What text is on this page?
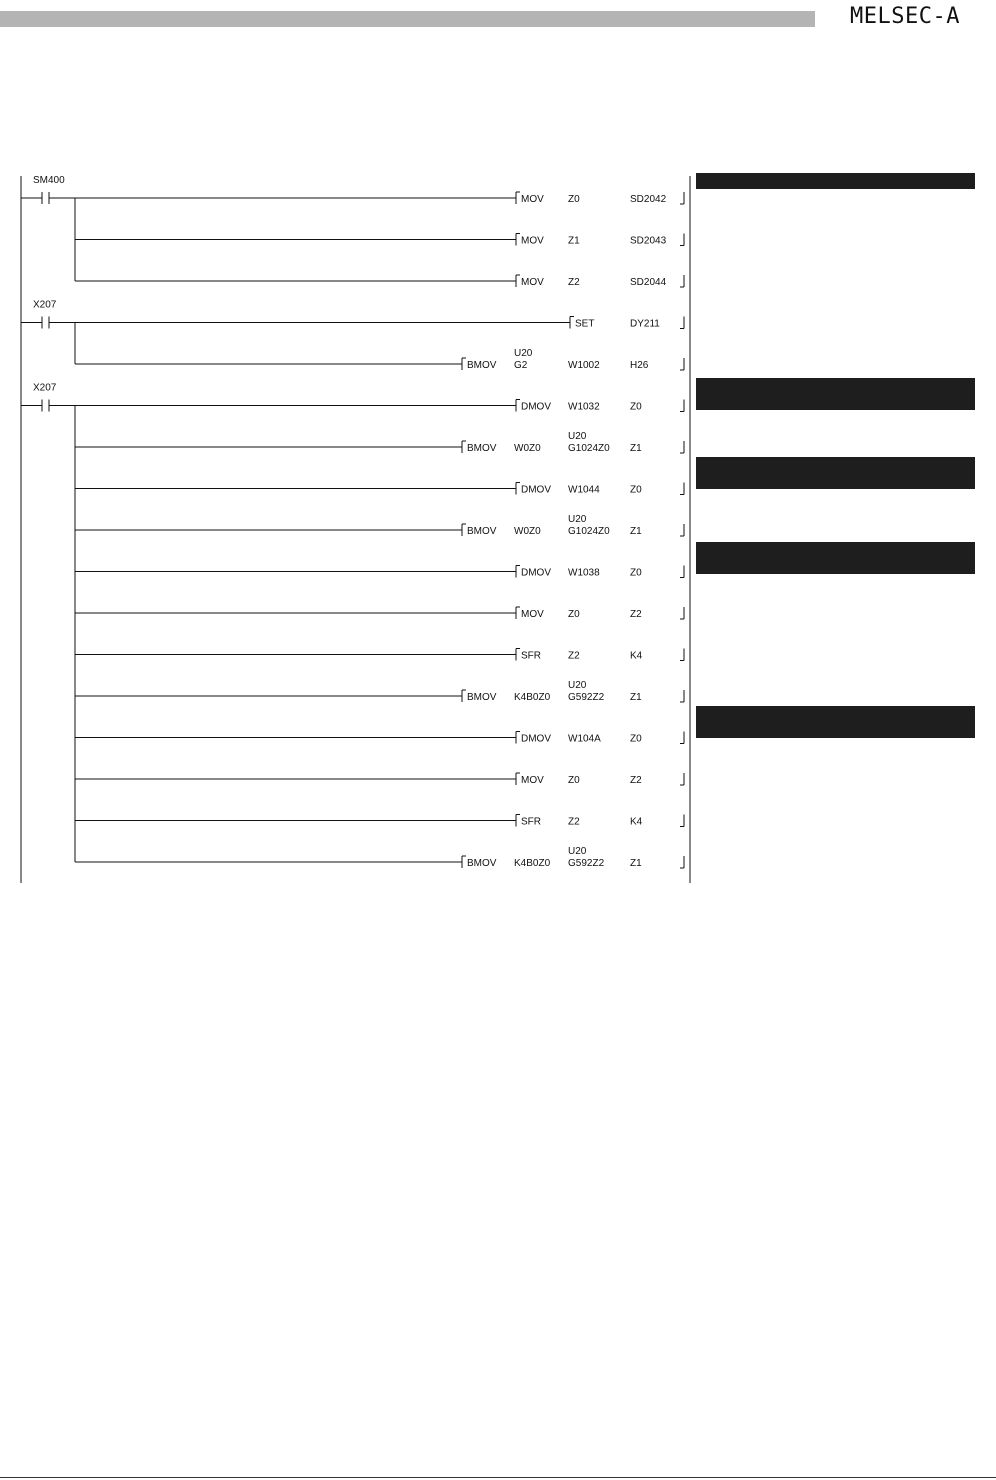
MELSEC-A
SM400
MOV Z0	SD2042
MOV Z1	SD2043
MOV Z2	SD2044
X207
SET	DY211
BMOV
U20
G2	W1002	H26
X207
DMOV W1032	Z0
BMOV W0Z0
U20
G1024Z0 Z1
DMOV W1044	Z0
BMOV W0Z0
U20
G1024Z0 Z1
DMOV W1038	Z0
MOV Z0	Z2
SFR	Z2	K4
BMOV K4B0Z0
U20
G592Z2	Z1
DMOV W104A	Z0
MOV Z0	Z2
SFR	Z2	K4
BMOV K4B0Z0
U20
G592Z2	Z1
